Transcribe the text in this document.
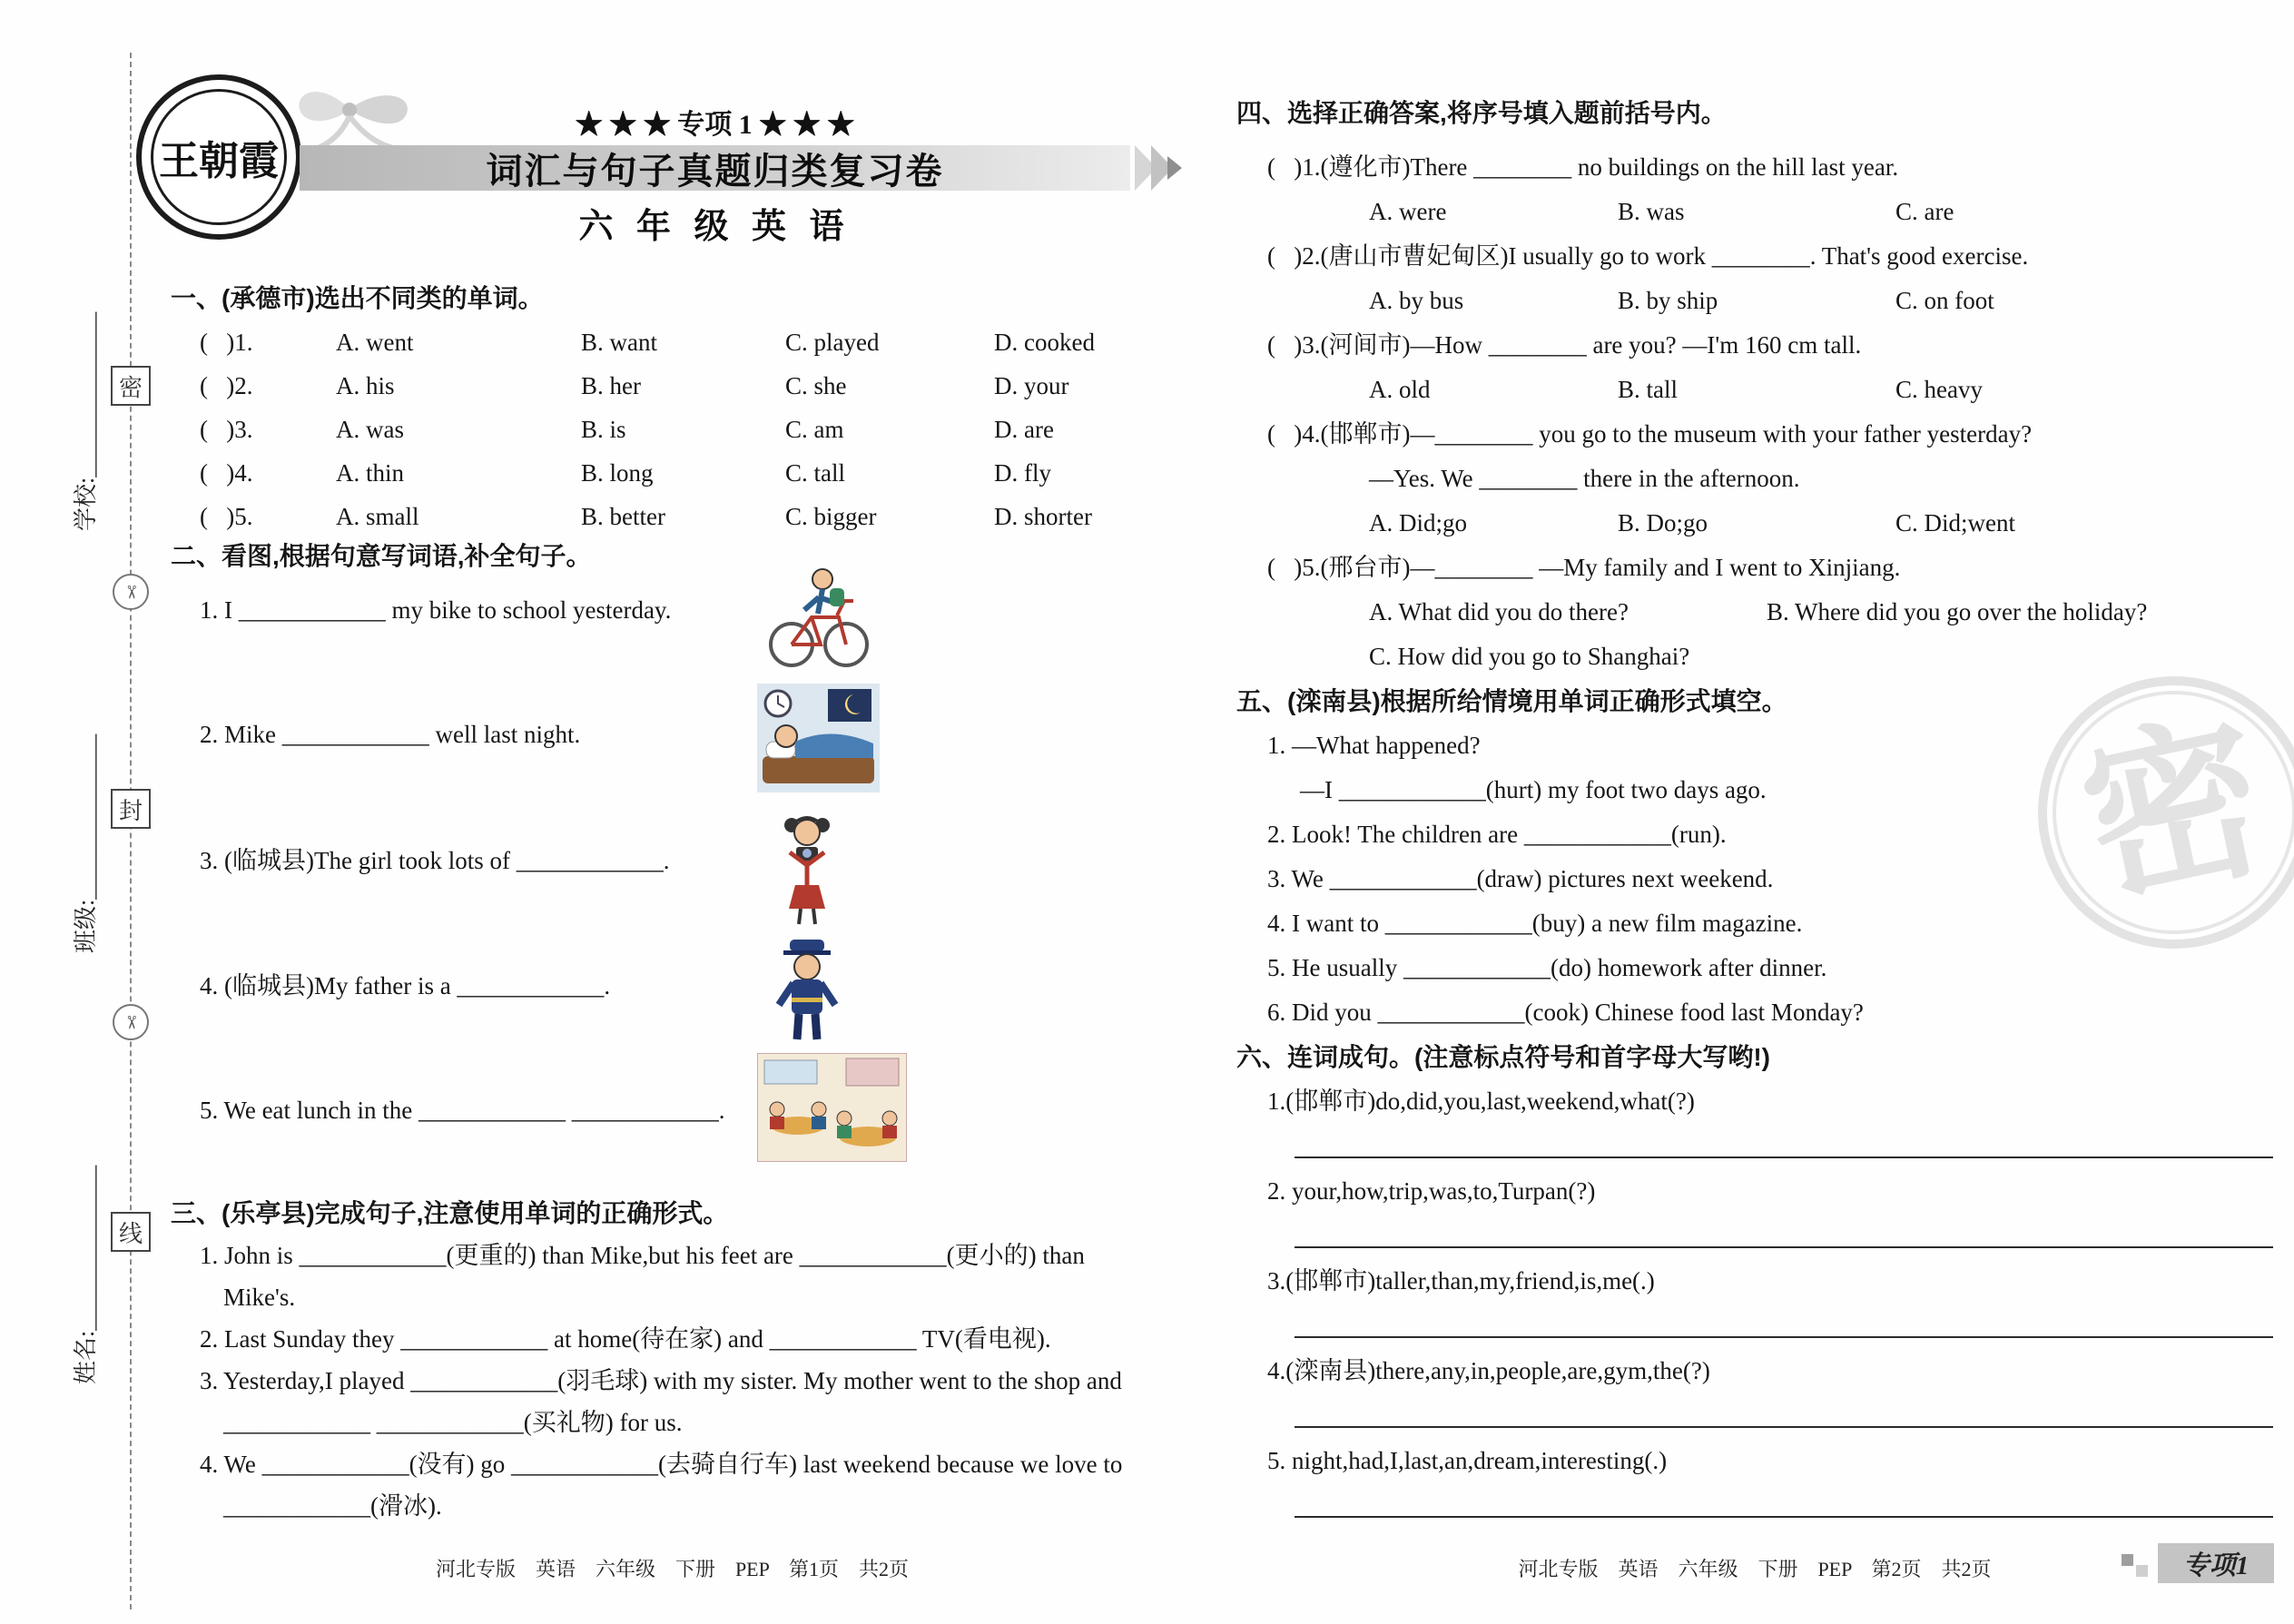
密
学校:______________
班级:______________
姓名:______________
密
✂
封
✂
线
王朝霞
★ ★ ★ 专项 1 ★ ★ ★
词汇与句子真题归类复习卷
六 年 级 英 语
一、(承德市)选出不同类的单词。
(   )1.	A. went	B. want	C. played	D. cooked
(   )2.	A. his	B. her	C. she	D. your
(   )3.	A. was	B. is	C. am	D. are
(   )4.	A. thin	B. long	C. tall	D. fly
(   )5.	A. small	B. better	C. bigger	D. shorter
二、看图,根据句意写词语,补全句子。
1. I ____________ my bike to school yesterday.
2. Mike ____________ well last night.
3. (临城县)The girl took lots of ____________.
4. (临城县)My father is a ____________.
5. We eat lunch in the ____________ ____________.
三、(乐亭县)完成句子,注意使用单词的正确形式。
1. John is ____________(更重的) than Mike,but his feet are ____________(更小的) than
Mike's.
2. Last Sunday they ____________ at home(待在家) and ____________ TV(看电视).
3. Yesterday,I played ____________(羽毛球) with my sister. My mother went to the shop and
____________ ____________(买礼物) for us.
4. We ____________(没有) go ____________(去骑自行车) last weekend because we love to
____________(滑冰).
河北专版    英语    六年级    下册    PEP    第1页    共2页
四、选择正确答案,将序号填入题前括号内。
(   )1.(遵化市)There ________ no buildings on the hill last year.
A. were	B. was	C. are
(   )2.(唐山市曹妃甸区)I usually go to work ________. That's good exercise.
A. by bus	B. by ship	C. on foot
(   )3.(河间市)—How ________ are you? —I'm 160 cm tall.
A. old	B. tall	C. heavy
(   )4.(邯郸市)—________ you go to the museum with your father yesterday?
—Yes. We ________ there in the afternoon.
A. Did;go	B. Do;go	C. Did;went
(   )5.(邢台市)—________ —My family and I went to Xinjiang.
A. What did you do there?	B. Where did you go over the holiday?
C. How did you go to Shanghai?
五、(滦南县)根据所给情境用单词正确形式填空。
1. —What happened?
—I ____________(hurt) my foot two days ago.
2. Look! The children are ____________(run).
3. We ____________(draw) pictures next weekend.
4. I want to ____________(buy) a new film magazine.
5. He usually ____________(do) homework after dinner.
6. Did you ____________(cook) Chinese food last Monday?
六、连词成句。(注意标点符号和首字母大写哟!)
1.(邯郸市)do,did,you,last,weekend,what(?)
2. your,how,trip,was,to,Turpan(?)
3.(邯郸市)taller,than,my,friend,is,me(.)
4.(滦南县)there,any,in,people,are,gym,the(?)
5. night,had,I,last,an,dream,interesting(.)
河北专版    英语    六年级    下册    PEP    第2页    共2页	专项1
